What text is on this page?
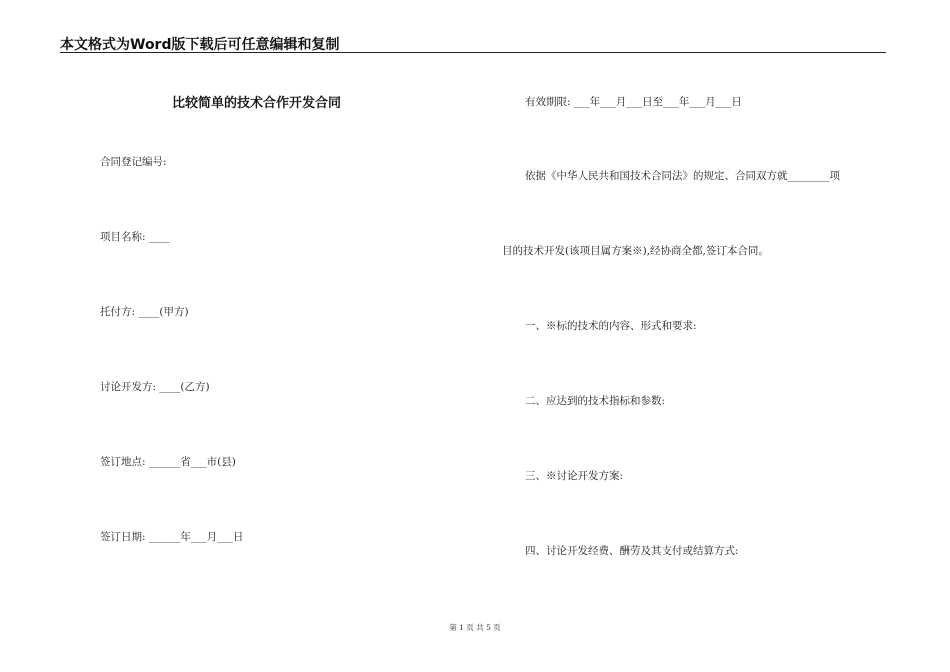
本文格式为Word版下载后可任意编辑和复制
比较简单的技术合作开发合同
合同登记编号:
项目名称: ____
托付方: ____(甲方)
讨论开发方: ____(乙方)
签订地点: ______省___市(县)
签订日期: ______年___月___日
有效期限: ___年___月___日至___年___月___日
依据《中华人民共和国技术合同法》的规定、合同双方就________项
目的技术开发(该项目属方案※),经协商全都,签订本合同。
一、※标的技术的内容、形式和要求:
二、应达到的技术指标和参数:
三、※讨论开发方案:
四、讨论开发经费、酬劳及其支付或结算方式:
第 1 页 共 5 页
